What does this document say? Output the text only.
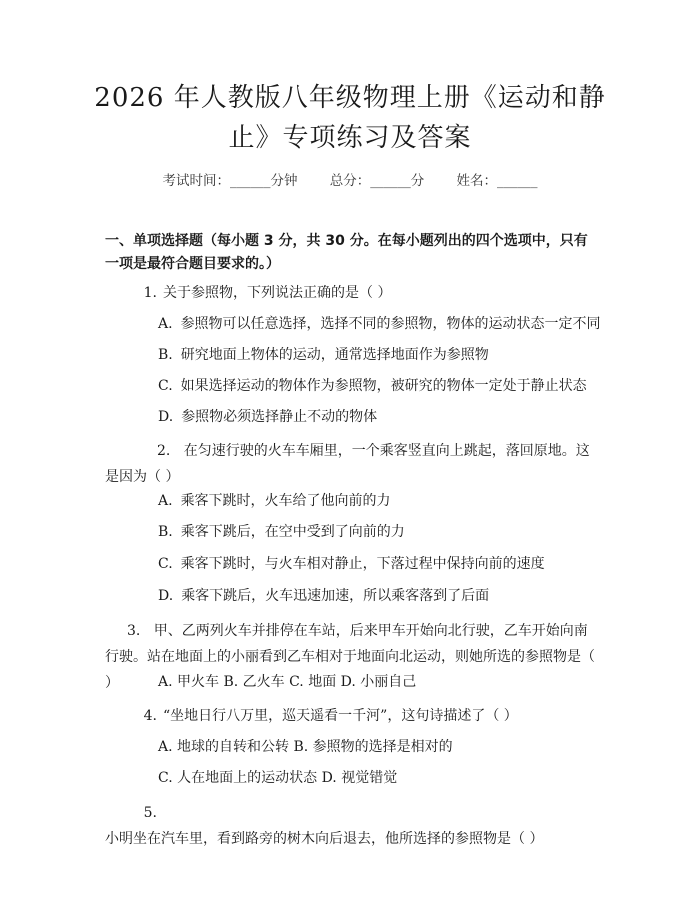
2026 年人教版八年级物理上册《运动和静
止》专项练习及答案
考试时间：______分钟 总分：______分 姓名：______
一、单项选择题（每小题 3 分，共 30 分。在每小题列出的四个选项中，只有一项是最符合题目要求的。）
1. 关于参照物，下列说法正确的是（ ）
A. 参照物可以任意选择，选择不同的参照物，物体的运动状态一定不同
B. 研究地面上物体的运动，通常选择地面作为参照物
C. 如果选择运动的物体作为参照物，被研究的物体一定处于静止状态
D. 参照物必须选择静止不动的物体
2. 在匀速行驶的火车车厢里，一个乘客竖直向上跳起，落回原地。这是因为（ ）
A. 乘客下跳时，火车给了他向前的力
B. 乘客下跳后，在空中受到了向前的力
C. 乘客下跳时，与火车相对静止，下落过程中保持向前的速度
D. 乘客下跳后，火车迅速加速，所以乘客落到了后面
3. 甲、乙两列火车并排停在车站，后来甲车开始向北行驶，乙车开始向南行驶。站在地面上的小丽看到乙车相对于地面向北运动，则她所选的参照物是（ ）	A. 甲火车 B. 乙火车 C. 地面 D. 小丽自己
4. “坐地日行八万里，巡天遥看一千河”，这句诗描述了（ ）
A. 地球的自转和公转 B. 参照物的选择是相对的
C. 人在地面上的运动状态 D. 视觉错觉
5.小明坐在汽车里，看到路旁的树木向后退去，他所选择的参照物是（ ）
